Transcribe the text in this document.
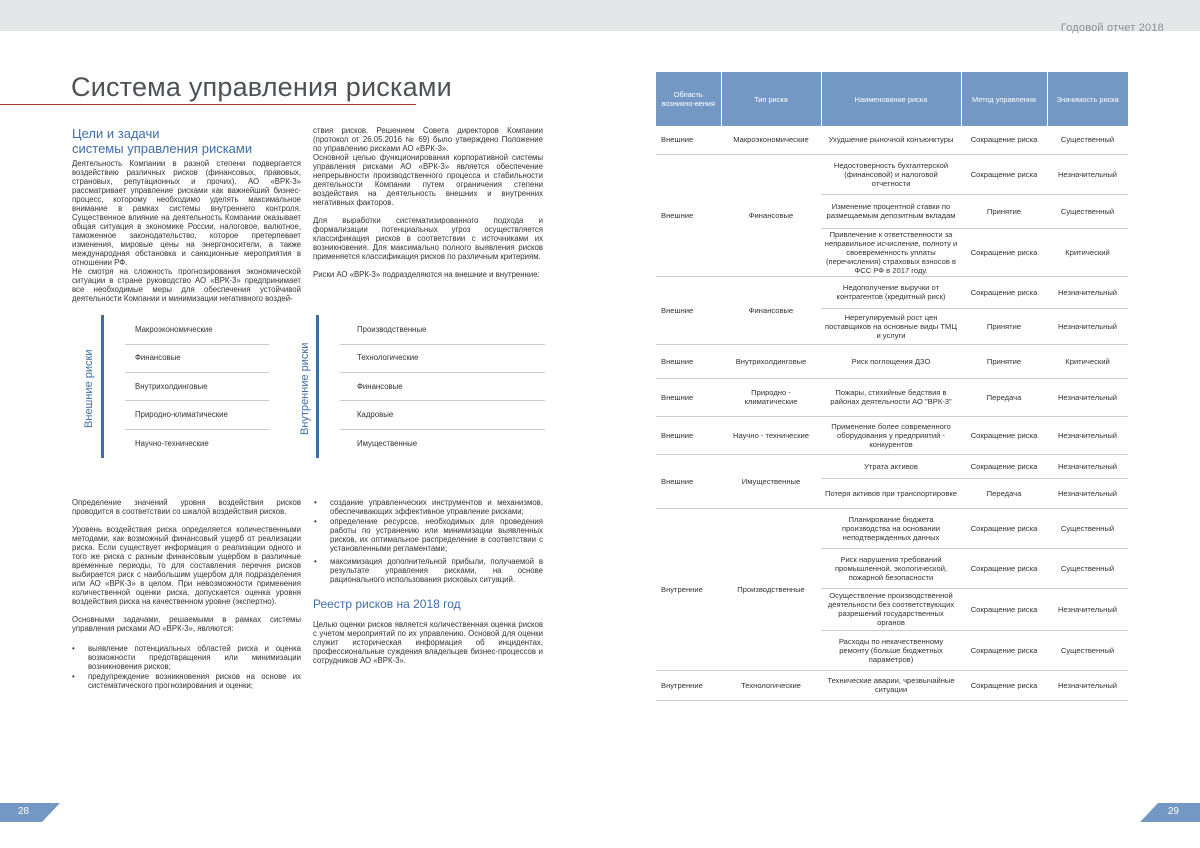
Годовой отчет 2018
Система управления рисками
Цели и задачи
системы управления рисками

Деятельность Компании в разной степени подвергается воздействию различных рисков (финансовых, правовых, страновых, репутационных и прочих). АО «ВРК-3» рассматривает управление рисками как важнейший бизнес-процесс, которому необходимо уделять максимальное внимание в рамках системы внутреннего контроля. Существенное влияние на деятельность Компании оказывает общая ситуация в экономике России, налоговое, валютное, таможенное законодательство, которое претерпевает изменения, мировые цены на энергоносители, а также международная обстановка и санкционные мероприятия в отношении РФ.

Не смотря на сложность прогнозирования экономической ситуации в стране руководство АО «ВРК-3» предпринимает все необходимые меры для обеспечения устойчивой деятельности Компании и минимизации негативного воздей-

ствия рисков. Решением Совета директоров Компании (протокол от 26.05.2016 № 69) было утверждено Положение по управлению рисками АО «ВРК-3».

Основной целью функционирования корпоративной системы управления рисками АО «ВРК-3» является обеспечение непрерывности производственного процесса и стабильности деятельности Компании путем ограничения степени воздействия на деятельность внешних и внутренних негативных факторов.

Для выработки систематизированного подхода и формализации потенциальных угроз осуществляется классификация рисков в соответствии с источниками их возникновения. Для максимально полного выявления рисков применяется классификация рисков по различным критериям.

Риски АО «ВРК-3» подразделяются на внешние и внутренние:

Внешние риски
Макроэкономические
Финансовые
Внутрихолдинговые
Природно-климатические
Научно-технические
Внутренние риски
Производственные
Технологические
Финансовые
Кадровые
Имущественные

Определение значений уровня воздействия рисков проводится в соответствии со шкалой воздействия рисков.

Уровень воздействия риска определяется количественными методами, как возможный финансовый ущерб от реализации риска. Если существует информация о реализации одного и того же риска с разным финансовым ущербом в различные временные периоды, то для составления перечня рисков выбирается риск с наибольшим ущербом для подразделения или АО «ВРК-3» в целом. При невозможности применения количественной оценки риска, допускается оценка уровня воздействия риска на качественном уровне (экспертно).

Основными задачами, решаемыми в рамках системы управления рисками АО «ВРК-3», являются:

• выявление потенциальных областей риска и оценка возможности предотвращения или минимизации возникновения рисков;
• предупреждение возникновения рисков на основе их систематического прогнозирования и оценки;
• создание управленческих инструментов и механизмов, обеспечивающих эффективное управление рисками;
• определение ресурсов, необходимых для проведения работы по устранению или минимизации выявленных рисков, их оптимальное распределение в соответствии с установленными регламентами;
• максимизация дополнительной прибыли, получаемой в результате управления рисками, на основе рационального использования рисковых ситуаций.
Реестр рисков на 2018 год
Целью оценки рисков является количественная оценка рисков с учетом мероприятий по их управлению. Основой для оценки служит историческая информация об инцидентах, профессиональные суждения владельцев бизнес-процессов и сотрудников АО «ВРК-3».
Область возникно-вения	Тип риска	Наименование риска	Метод управления	Значимость риска
Внешние	Макроэкономические	Ухудшение рыночной конъюнктуры	Сокращение риска	Существенный
Внешние	Финансовые	Недостоверность бухгалтерской (финансовой) и налоговой отчетности	Сокращение риска	Незначительный
		Изменение процентной ставки по размещаемым депозитным вкладам	Принятие	Существенный
		Привлечение к ответственности за неправильное исчисление, полноту и своевременность уплаты (перечисления) страховых взносов в ФСС РФ в 2017 году.	Сокращение риска	Критический
Внешние	Финансовые	Недополучение выручки от контрагентов (кредитный риск)	Сокращение риска	Незначительный
		Нерегулируемый рост цен поставщиков на основные виды ТМЦ и услуги	Принятие	Незначительный
Внешние	Внутрихолдинговые	Риск поглощения ДЗО	Принятие	Критический
Внешние	Природно - климатические	Пожары, стихийные бедствия в районах деятельности АО "ВРК-3"	Передача	Незначительный
Внешние	Научно - технические	Применение более совремeнного оборудования у предприятий - конкурентов	Сокращение риска	Незначительный
Внешние	Имущественные	Утрата активов	Сокращение риска	Незначительный
		Потеря активов при транспортировке	Передача	Незначительный
Внутренние	Производственные	Планирование бюджета производства на основании неподтвержденных данных	Сокращение риска	Существенный
		Риск нарушения требований промышленной, экологической, пожарной безопасности	Сокращение риска	Существенный
		Осуществление производственной деятельности без соответствующих разрешений государственных органов	Сокращение риска	Незначительный
		Расходы по некачественному ремонту (больше бюджетных параметров)	Сокращение риска	Существенный
Внутренние	Технологические	Технические аварии, чрезвычайные ситуации	Сокращение риска	Незначительный
28	29
